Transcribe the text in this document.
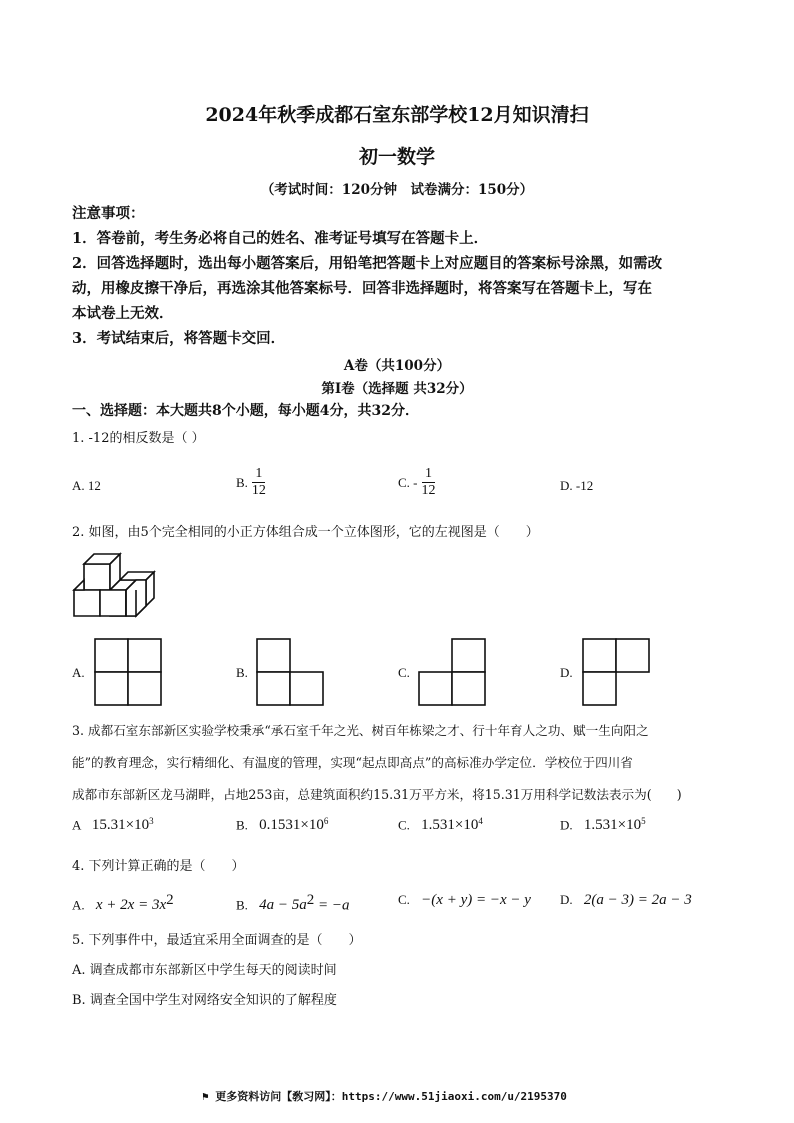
2024年秋季成都石室东部学校12月知识清扫
初一数学
（考试时间：120分钟　试卷满分：150分）
注意事项：
1．答卷前，考生务必将自己的姓名、准考证号填写在答题卡上．
2．回答选择题时，选出每小题答案后，用铅笔把答题卡上对应题目的答案标号涂黑，如需改
动，用橡皮擦干净后，再选涂其他答案标号．回答非选择题时，将答案写在答题卡上，写在
本试卷上无效．
3．考试结束后，将答题卡交回．
A卷（共100分）
第I卷（选择题 共32分）
一、选择题：本大题共8个小题，每小题4分，共32分．
1. -12的相反数是（ ）
A. 12	B. $\frac{1}{12}$	C. - $\frac{1}{12}$	D. -12
2. 如图，由5个完全相同的小正方体组合成一个立体图形，它的左视图是（　　）
A.	B.	C.	D.
3. 成都石室东部新区实验学校秉承“承石室千年之光、树百年栋梁之才、行十年育人之功、赋一生向阳之
能”的教育理念，实行精细化、有温度的管理，实现“起点即高点”的高标准办学定位．学校位于四川省
成都市东部新区龙马湖畔，占地253亩，总建筑面积约15.31万平方米，将15.31万用科学记数法表示为(　　)
A $15.31\times 10^3$	B. $0.1531\times 10^6$	C. $1.531\times 10^4$	D. $1.531\times 10^5$
4. 下列计算正确的是（　　）
A. $x + 2x = 3x^2$	B. $4a - 5a^2 = -a$	C. −(x + y) = −x − y D. 2(a − 3) = 2a − 3
5. 下列事件中，最适宜采用全面调查的是（　　）
A. 调查成都市东部新区中学生每天的阅读时间
B. 调查全国中学生对网络安全知识的了解程度
⚑ 更多资料访问【敎习网】：https://www.51jiaoxi.com/u/2195370
